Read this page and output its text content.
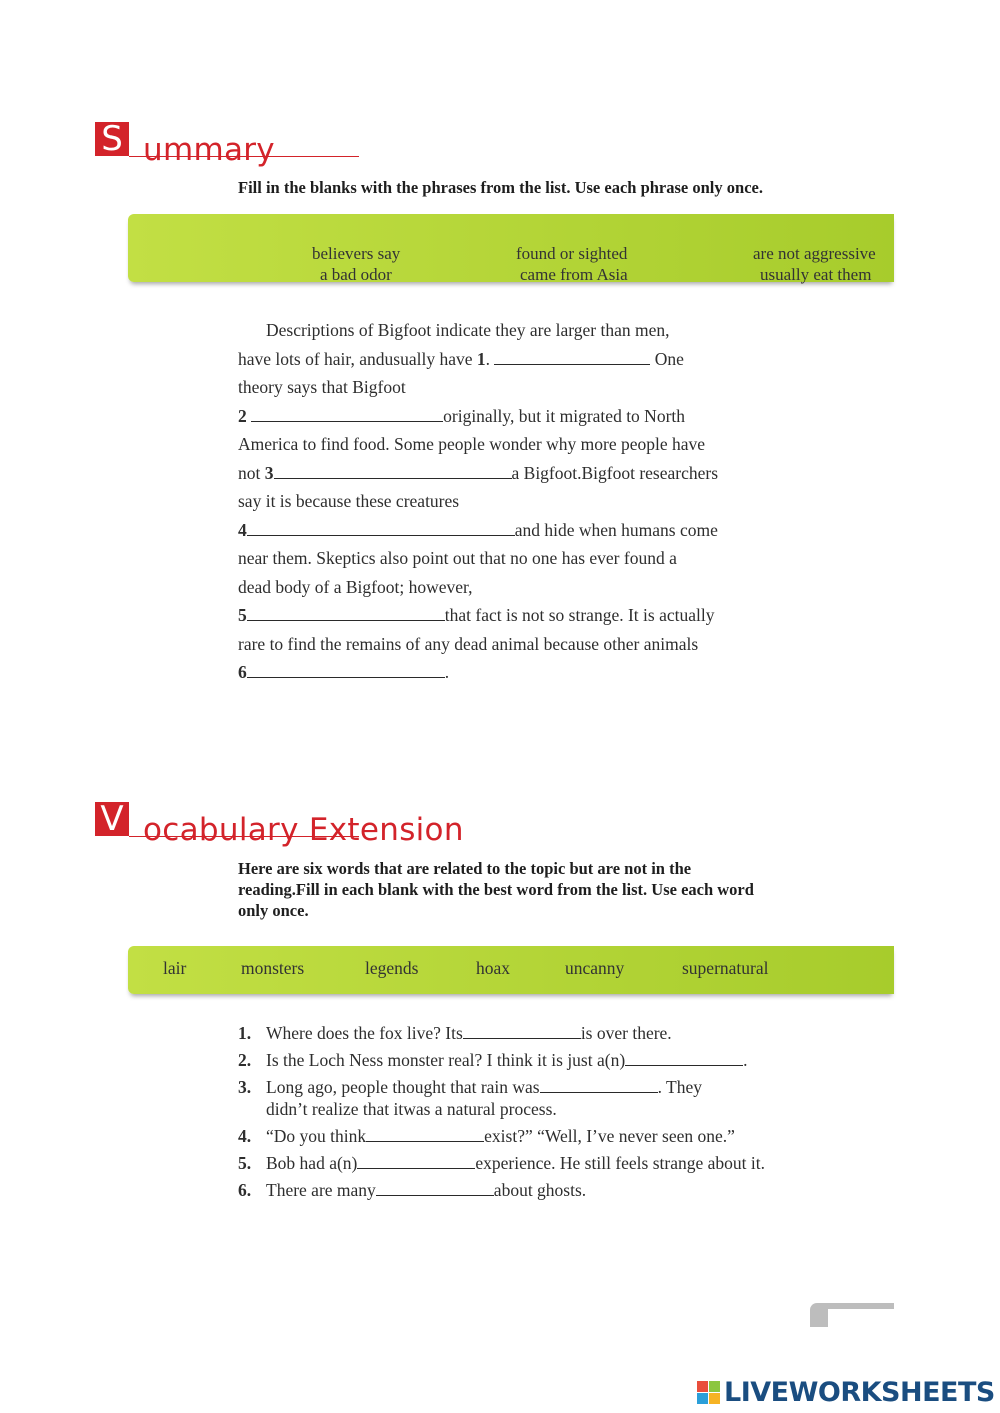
S ummary
Fill in the blanks with the phrases from the list. Use each phrase only once.
believers say	found or sighted	are not aggressive
a bad odor	came from Asia	usually eat them

Descriptions of Bigfoot indicate they are larger than men,

have lots of hair, andusually have 1.	One

theory says that Bigfoot

2	originally, but it migrated to North

America to find food. Some people wonder why more people have

not 3	a Bigfoot.Bigfoot researchers

say it is because these creatures

4	and hide when humans come

near them. Skeptics also point out that no one has ever found a

dead body of a Bigfoot; however,

5	that fact is not so strange. It is actually

rare to find the remains of any dead animal because other animals

6	.

V ocabulary Extension
Here are six words that are related to the topic but are not in the reading.Fill in each blank with the best word from the list. Use each word only once.
lair	monsters	legends	hoax	uncanny	supernatural
1. Where does the fox live? Its	is over there.
2. Is the Loch Ness monster real? I think it is just a(n)	.
3. Long ago, people thought that rain was	. They
didn’t realize that itwas a natural process.
4. “Do you think	exist?” “Well, I’ve never seen one.”
5. Bob had a(n)	experience. He still feels strange about it.
6. There are many	about ghosts.
LIVEWORKSHEETS
